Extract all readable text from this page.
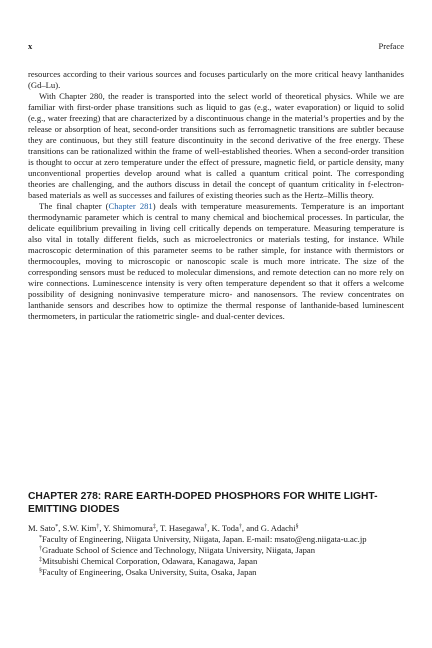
x	Preface

resources according to their various sources and focuses particularly on the more critical heavy lanthanides (Gd–Lu).

With Chapter 280, the reader is transported into the select world of theoretical physics. While we are familiar with first-order phase transitions such as liquid to gas (e.g., water evaporation) or liquid to solid (e.g., water freezing) that are characterized by a discontinuous change in the material’s properties and by the release or absorption of heat, second-order transitions such as ferromagnetic transitions are subtler because they are continuous, but they still feature discontinuity in the second derivative of the free energy. These transitions can be rationalized within the frame of well-established theories. When a second-order transition is thought to occur at zero temperature under the effect of pressure, magnetic field, or particle density, many unconventional properties develop around what is called a quantum critical point. The corresponding theories are challenging, and the authors discuss in detail the concept of quantum criticality in f-electron-based materials as well as successes and failures of existing theories such as the Hertz–Millis theory.

The final chapter (Chapter 281) deals with temperature measurements. Temperature is an important thermodynamic parameter which is central to many chemical and biochemical processes. In particular, the delicate equilibrium prevailing in living cell critically depends on temperature. Measuring temperature is also vital in totally different fields, such as microelectronics or materials testing, for instance. While macroscopic determination of this parameter seems to be rather simple, for instance with thermistors or thermocouples, moving to microscopic or nanoscopic scale is much more intricate. The size of the corresponding sensors must be reduced to molecular dimensions, and remote detection can no more rely on wire connections. Luminescence intensity is very often temperature dependent so that it offers a welcome possibility of designing noninvasive temperature micro- and nanosensors. The review concentrates on lanthanide sensors and describes how to optimize the thermal response of lanthanide-based luminescent thermometers, in particular the ratiometric single- and dual-center devices.

CHAPTER 278: RARE EARTH-DOPED PHOSPHORS FOR WHITE LIGHT-EMITTING DIODES
M. Sato*, S.W. Kim†, Y. Shimomura‡, T. Hasegawa†, K. Toda†, and G. Adachi§

*Faculty of Engineering, Niigata University, Niigata, Japan. E-mail: msato@eng.niigata-u.ac.jp

†Graduate School of Science and Technology, Niigata University, Niigata, Japan

‡Mitsubishi Chemical Corporation, Odawara, Kanagawa, Japan

§Faculty of Engineering, Osaka University, Suita, Osaka, Japan
